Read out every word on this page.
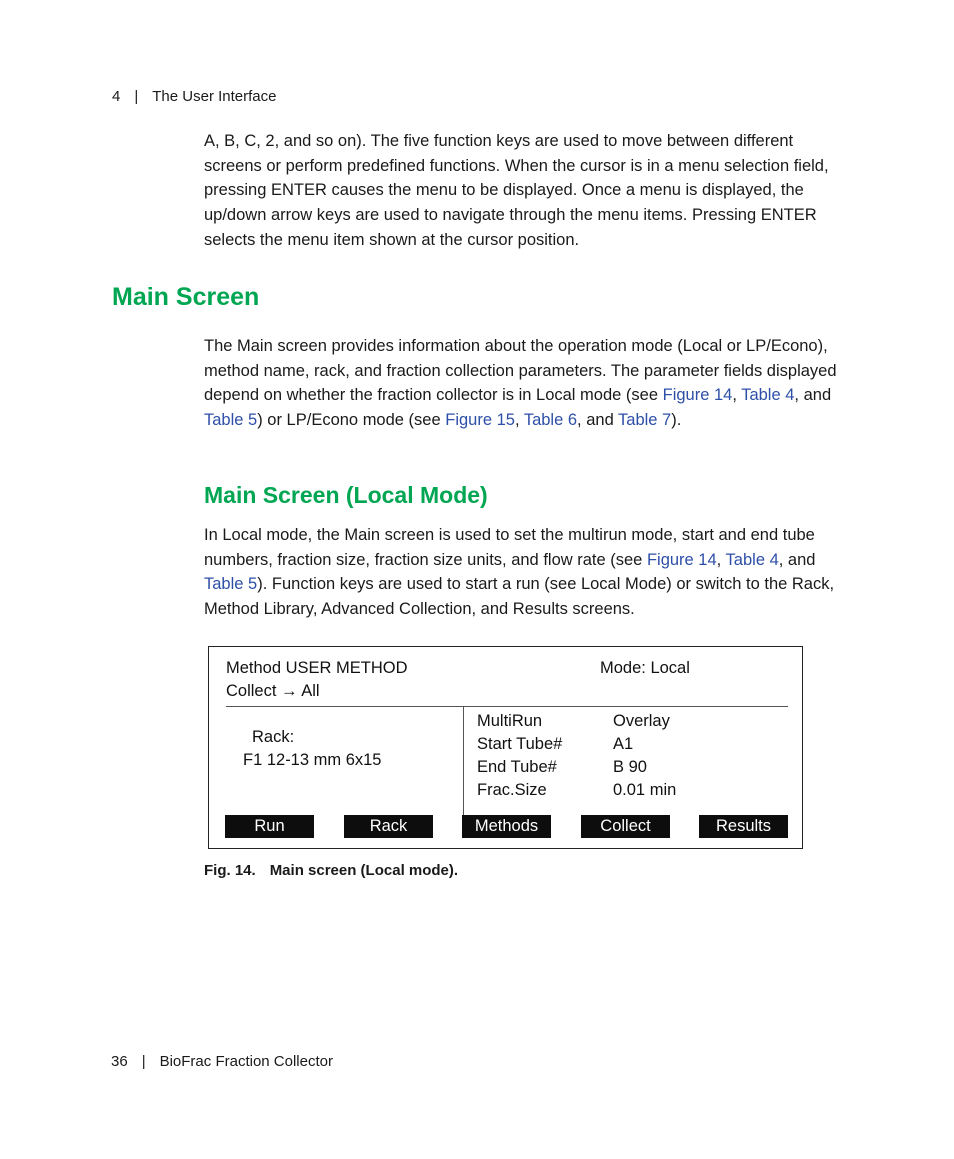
4 | The User Interface
A, B, C, 2, and so on). The five function keys are used to move between different screens or perform predefined functions. When the cursor is in a menu selection field, pressing ENTER causes the menu to be displayed. Once a menu is displayed, the up/down arrow keys are used to navigate through the menu items. Pressing ENTER selects the menu item shown at the cursor position.
Main Screen
The Main screen provides information about the operation mode (Local or LP/Econo), method name, rack, and fraction collection parameters. The parameter fields displayed depend on whether the fraction collector is in Local mode (see Figure 14, Table 4, and Table 5) or LP/Econo mode (see Figure 15, Table 6, and Table 7).
Main Screen (Local Mode)
In Local mode, the Main screen is used to set the multirun mode, start and end tube numbers, fraction size, fraction size units, and flow rate (see Figure 14, Table 4, and Table 5). Function keys are used to start a run (see Local Mode) or switch to the Rack, Method Library, Advanced Collection, and Results screens.
Method USER METHOD	Mode: Local
Collect → All
Rack:
F1 12-13 mm 6x15
MultiRun	Overlay
Start Tube#	A1
End Tube#	B 90
Frac.Size	0.01 min
Run	Rack	Methods	Collect	Results
Fig. 14. Main screen (Local mode).
36 | BioFrac Fraction Collector
